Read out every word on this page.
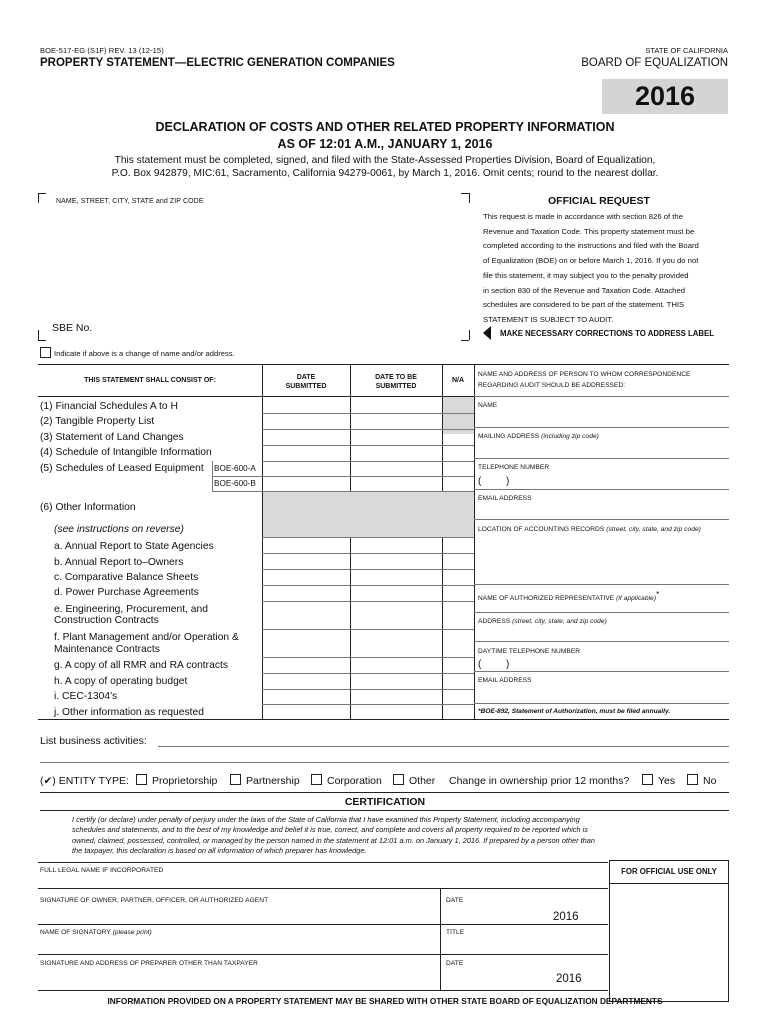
BOE-517-EG (S1F) REV. 13 (12-15)
PROPERTY STATEMENT—ELECTRIC GENERATION COMPANIES
STATE OF CALIFORNIA
BOARD OF EQUALIZATION
2016
DECLARATION OF COSTS AND OTHER RELATED PROPERTY INFORMATION
AS OF 12:01 A.M., JANUARY 1, 2016
This statement must be completed, signed, and filed with the State-Assessed Properties Division, Board of Equalization,
P.O. Box 942879, MIC:61, Sacramento, California 94279-0061, by March 1, 2016. Omit cents; round to the nearest dollar.
NAME, STREET, CITY, STATE and ZIP CODE
SBE No.
Indicate if above is a change of name and/or address.
OFFICIAL REQUEST
This request is made in accordance with section 826 of the
Revenue and Taxation Code. This property statement must be
completed according to the instructions and filed with the Board
of Equalization (BOE) on or before March 1, 2016. If you do not
file this statement, it may subject you to the penalty provided
in section 830 of the Revenue and Taxation Code. Attached
schedules are considered to be part of the statement. THIS
STATEMENT IS SUBJECT TO AUDIT.
MAKE NECESSARY CORRECTIONS TO ADDRESS LABEL
THIS STATEMENT SHALL CONSIST OF:	DATE
SUBMITTED
DATE TO BE
SUBMITTED
N/A
(1) Financial Schedules A to H
(2) Tangible Property List
(3) Statement of Land Changes
(4) Schedule of Intangible Information
(5) Schedules of Leased Equipment BOE-600-A
BOE-600-B
(6) Other Information
(see instructions on reverse)
a. Annual Report to State Agencies
b. Annual Report to–Owners
c. Comparative Balance Sheets
d. Power Purchase Agreements
e. Engineering, Procurement, and
Construction Contracts
f. Plant Management and/or Operation &
Maintenance Contracts
g. A copy of all RMR and RA contracts
h. A copy of operating budget
i. CEC-1304's
j. Other information as requested
NAME AND ADDRESS OF PERSON TO WHOM CORRESPONDENCE
REGARDING AUDIT SHOULD BE ADDRESSED:
NAME
MAILING ADDRESS (including zip code)
TELEPHONE NUMBER
( )
EMAIL ADDRESS
LOCATION OF ACCOUNTING RECORDS (street, city, state, and zip code)
NAME OF AUTHORIZED REPRESENTATIVE (if applicable)*
ADDRESS (street, city, state, and zip code)
DAYTIME TELEPHONE NUMBER
( )
EMAIL ADDRESS
*BOE-892, Statement of Authorization, must be filed annually.
List business activities:
(✔) ENTITY TYPE: Proprietorship	Partnership	Corporation	Other Change in ownership prior 12 months?	Yes	No
CERTIFICATION
I certify (or declare) under penalty of perjury under the laws of the State of California that I have examined this Property Statement, including accompanying
schedules and statements, and to the best of my knowledge and belief it is true, correct, and complete and covers all property required to be reported which is
owned, claimed, possessed, controlled, or managed by the person named in the statement at 12:01 a.m. on January 1, 2016. If prepared by a person other than
the taxpayer, this declaration is based on all information of which preparer has knowledge.
FULL LEGAL NAME IF INCORPORATED	FOR OFFICIAL USE ONLY
SIGNATURE OF OWNER, PARTNER, OFFICER, OR AUTHORIZED AGENT	DATE
2016
NAME OF SIGNATORY (please print)	TITLE
SIGNATURE AND ADDRESS OF PREPARER OTHER THAN TAXPAYER	DATE
2016
INFORMATION PROVIDED ON A PROPERTY STATEMENT MAY BE SHARED WITH OTHER STATE BOARD OF EQUALIZATION DEPARTMENTS
